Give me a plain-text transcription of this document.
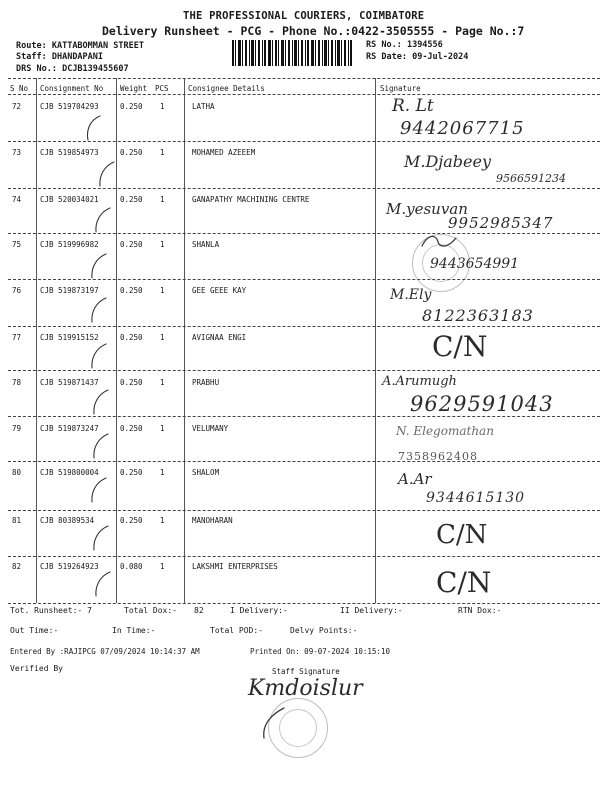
THE PROFESSIONAL COURIERS, COIMBATORE
Delivery Runsheet - PCG - Phone No.:0422-3505555 - Page No.:7
Route: KATTABOMMAN STREET
Staff: DHANDAPANI
DRS No.: DCJB139455607
RS No.: 1394556
RS Date: 09-Jul-2024
S No Consignment No Weight PCS	Consignee Details	Signature
72	CJB 519704293	0.250 1	LATHA	R. Lt
9442067715
73	CJB 519854973	0.250 1	MOHAMED AZEEEM	M.Djabeey
9566591234
74	CJB 520034021	0.250 1	GANAPATHY MACHINING CENTRE
M.yesuvan
9952985347
75	CJB 519996982	0.250 1	SHANLA
9443654991
76	CJB 519873197	0.250 1	GEE GEEE KAY	M.Ely
8122363183
77	CJB 519915152	0.250 1	AVIGNAA ENGI	C/N
78	CJB 519871437	0.250 1	PRABHU	A.Arumugh
9629591043
79	CJB 519873247	0.250 1	VELUMANY	N. Elegomathan
7358962408
80	CJB 519800004	0.250 1	SHALOM	A.Ar
9344615130
81	CJB 80389534	0.250 1	MANOHARAN	C/N
82	CJB 519264923	0.080 1	LAKSHMI ENTERPRISES	C/N
Tot. Runsheet:- 7	Total Dox:- 82	I Delivery:-	II Delivery:-	RTN Dox:-
Out Time:-	In Time:-	Total POD:-	Delvy Points:-
Entered By :RAJIPCG 07/09/2024 10:14:37 AM	Printed On: 09-07-2024 10:15:10
Verified By	Staff Signature
Kmdoislur
